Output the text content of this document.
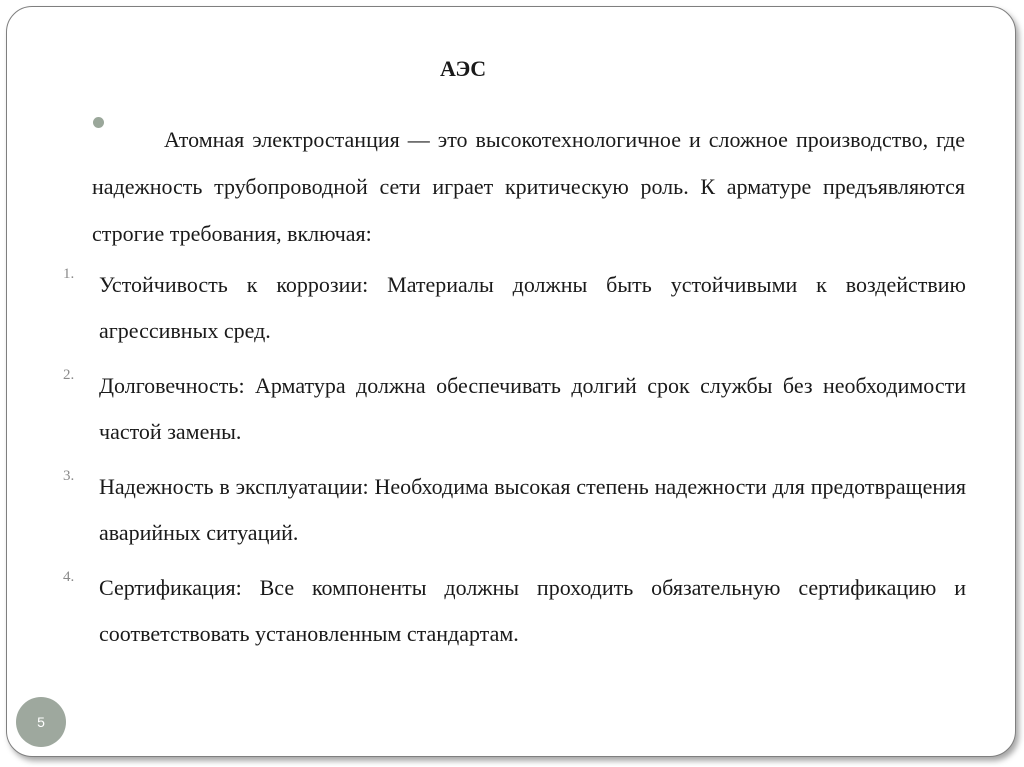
АЭС
Атомная электростанция — это высокотехнологичное и сложное производство, где надежность трубопроводной сети играет критическую роль. К арматуре предъявляются строгие требования, включая:
1. Устойчивость к коррозии: Материалы должны быть устойчивыми к воздействию агрессивных сред.
2. Долговечность: Арматура должна обеспечивать долгий срок службы без необходимости частой замены.
3. Надежность в эксплуатации: Необходима высокая степень надежности для предотвращения аварийных ситуаций.
4. Сертификация: Все компоненты должны проходить обязательную сертификацию и соответствовать установленным стандартам.
5
